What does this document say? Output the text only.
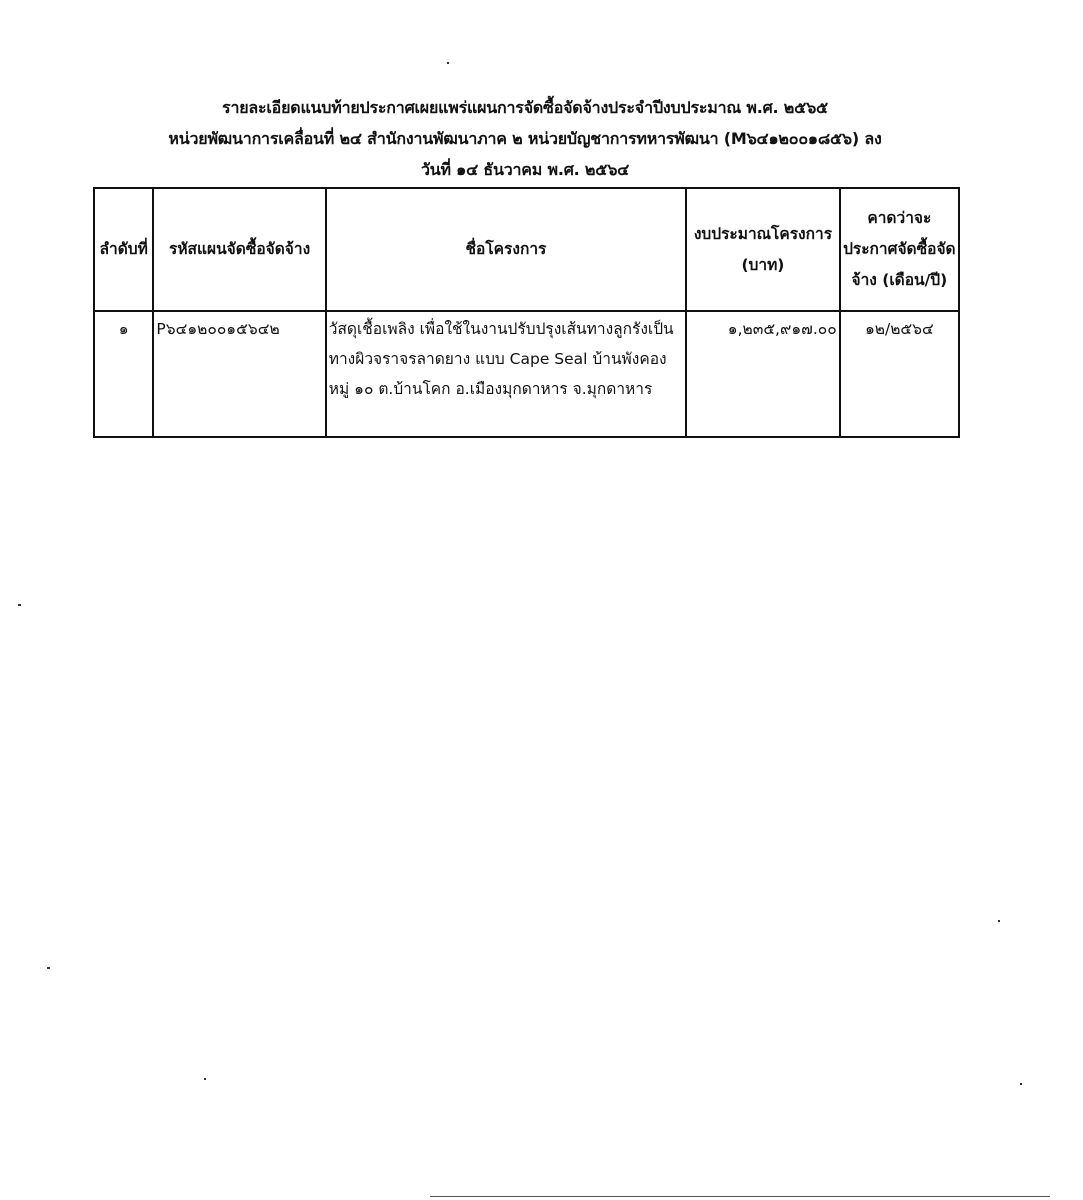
รายละเอียดแนบท้ายประกาศเผยแพร่แผนการจัดซื้อจัดจ้างประจำปีงบประมาณ พ.ศ. ๒๕๖๕
หน่วยพัฒนาการเคลื่อนที่ ๒๔ สำนักงานพัฒนาภาค ๒ หน่วยบัญชาการทหารพัฒนา (M๖๔๑๒๐๐๑๘๕๖) ลง
วันที่ ๑๔ ธันวาคม พ.ศ. ๒๕๖๔
ลำดับที่	รหัสแผนจัดซื้อจัดจ้าง	ชื่อโครงการ	งบประมาณโครงการ (บาท)	คาดว่าจะประกาศจัดซื้อจัดจ้าง (เดือน/ปี)
๑	P๖๔๑๒๐๐๑๕๖๔๒	วัสดุเชื้อเพลิง เพื่อใช้ในงานปรับปรุงเส้นทางลูกรังเป็นทางผิวจราจรลาดยาง แบบ Cape Seal บ้านพังคอง หมู่ ๑๐ ต.บ้านโคก อ.เมืองมุกดาหาร จ.มุกดาหาร	๑,๒๓๕,๙๑๗.๐๐	๑๒/๒๕๖๔
